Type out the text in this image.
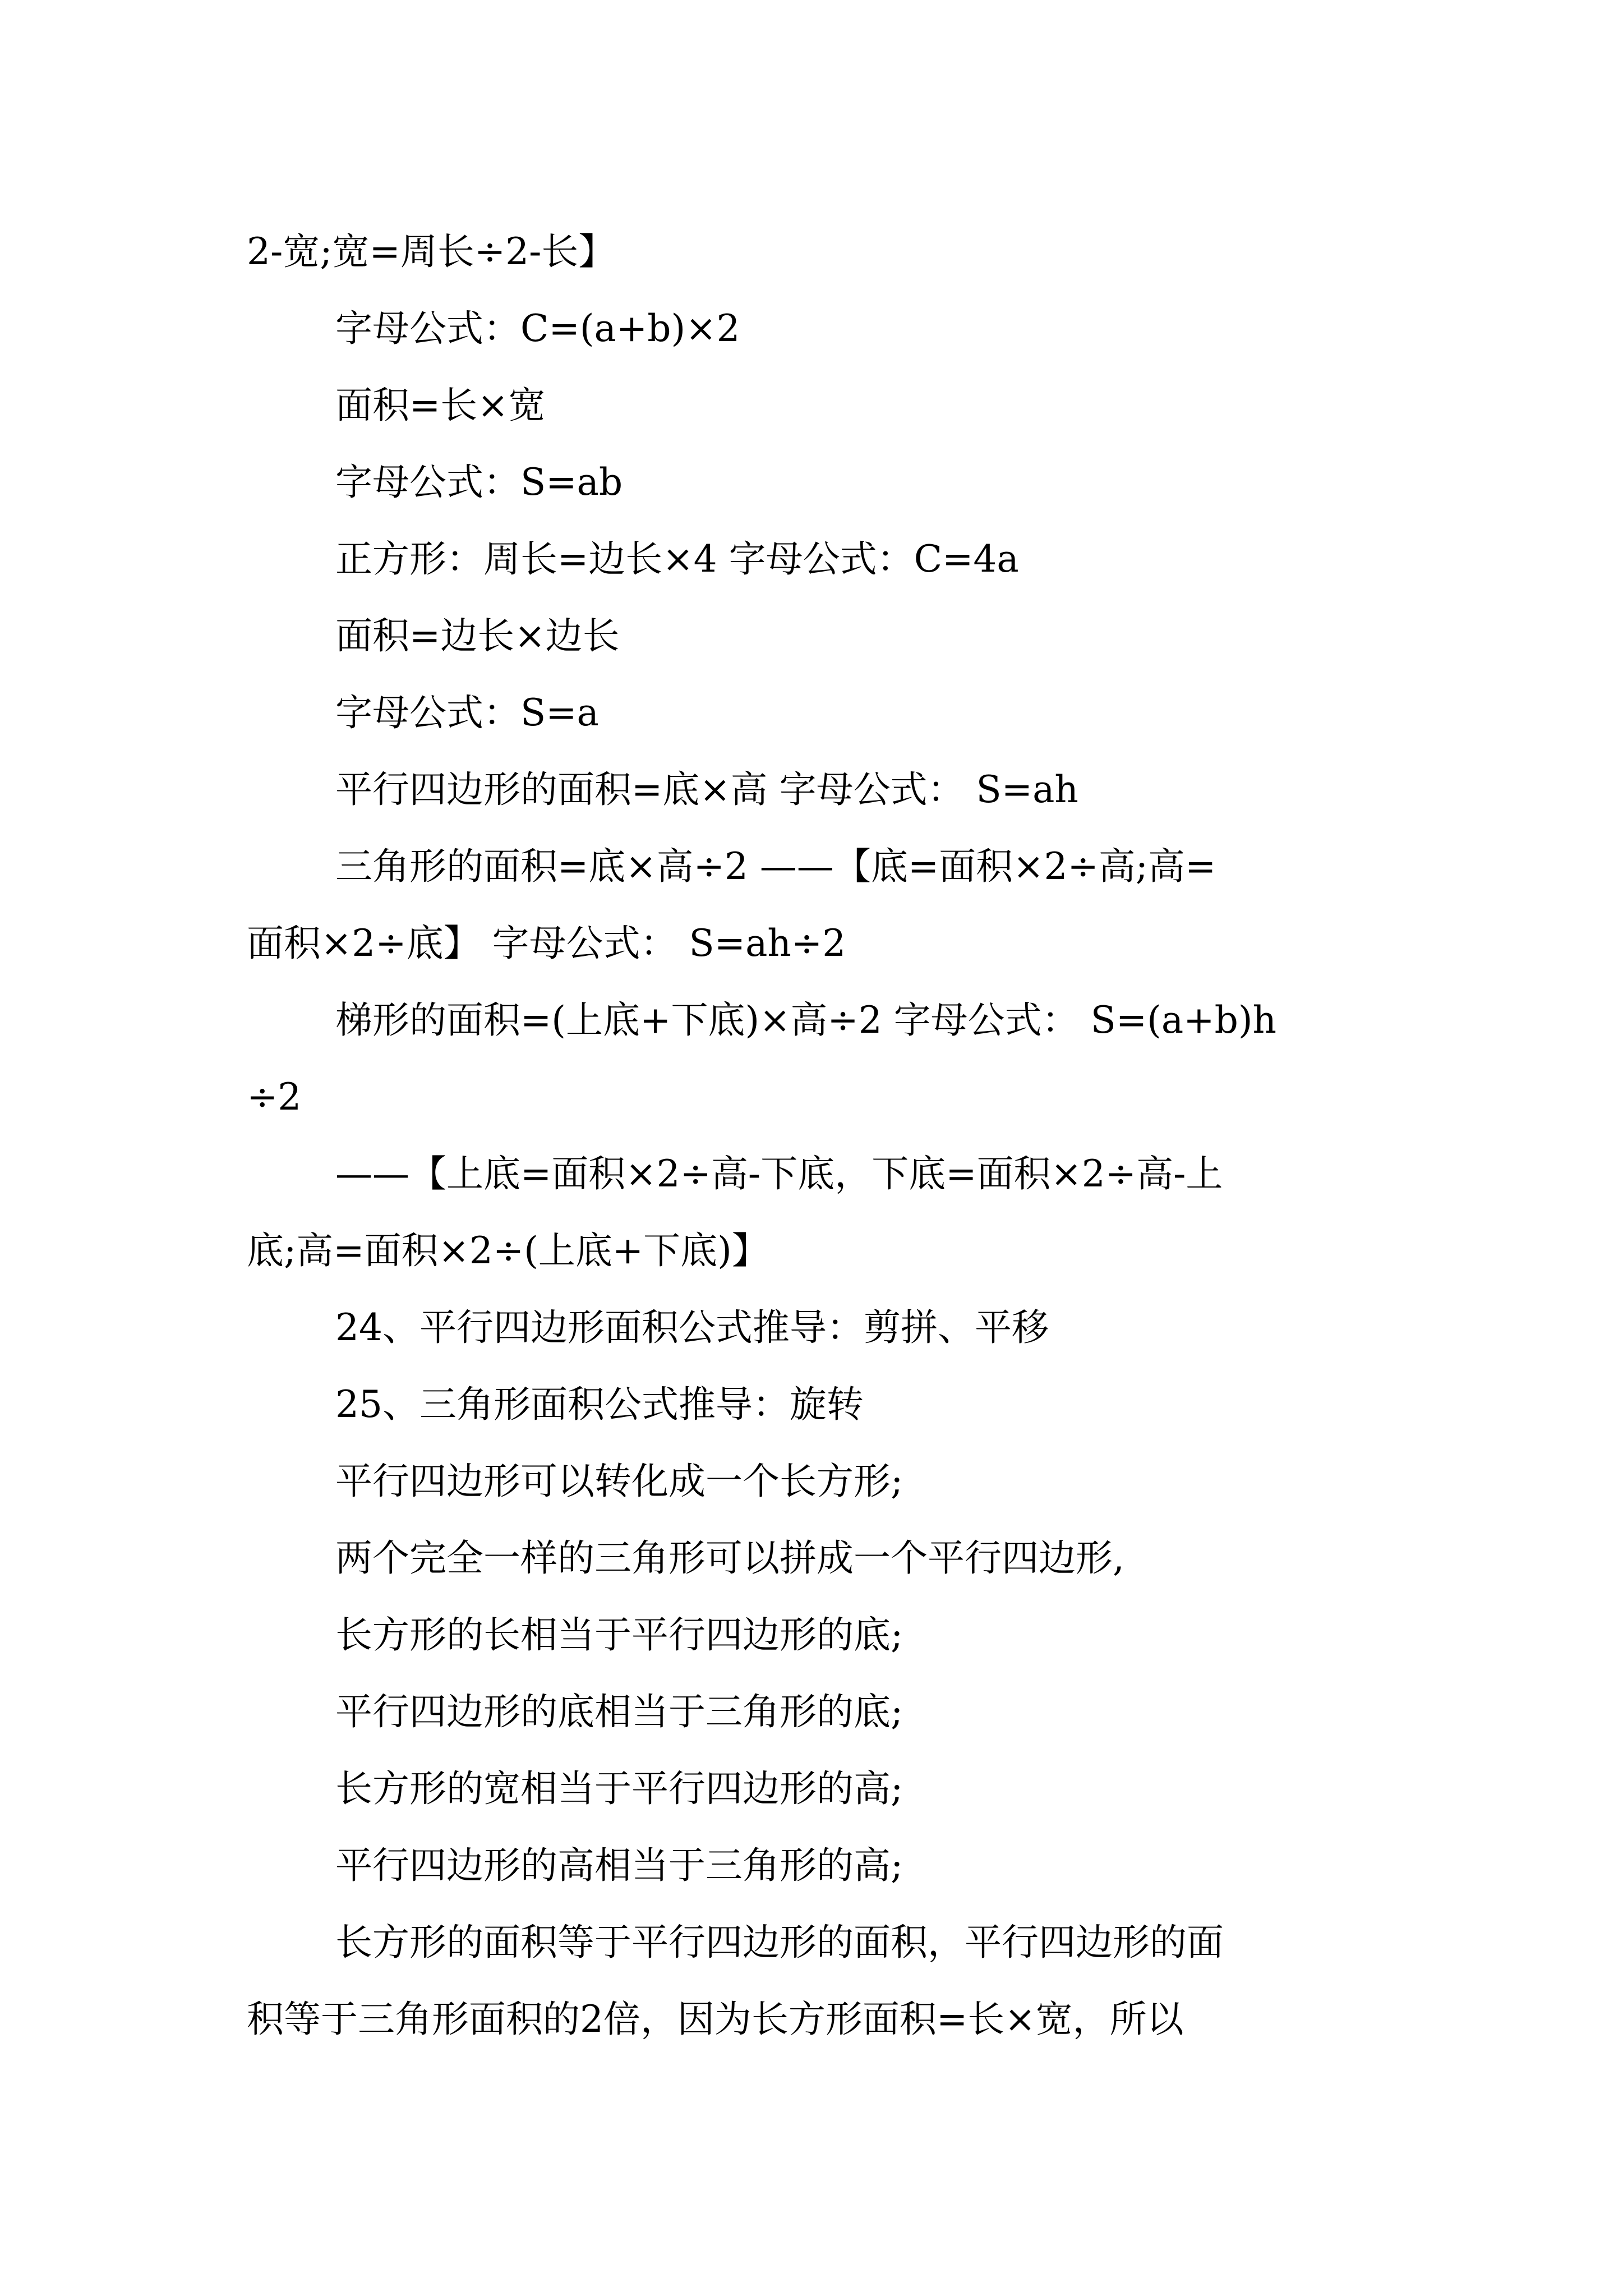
2-宽;宽=周长÷2-长】

字母公式：C=(a+b)×2

面积=长×宽

字母公式：S=ab

正方形：周长=边长×4 字母公式：C=4a

面积=边长×边长

字母公式：S=a

平行四边形的面积=底×高 字母公式： S=ah

三角形的面积=底×高÷2 ——【底=面积×2÷高;高=

面积×2÷底】 字母公式： S=ah÷2

梯形的面积=(上底+下底)×高÷2 字母公式： S=(a+b)h

÷2

——【上底=面积×2÷高-下底，下底=面积×2÷高-上

底;高=面积×2÷(上底+下底)】

24、平行四边形面积公式推导：剪拼、平移

25、三角形面积公式推导：旋转

平行四边形可以转化成一个长方形;

两个完全一样的三角形可以拼成一个平行四边形,

长方形的长相当于平行四边形的底;

平行四边形的底相当于三角形的底;

长方形的宽相当于平行四边形的高;

平行四边形的高相当于三角形的高;

长方形的面积等于平行四边形的面积，平行四边形的面

积等于三角形面积的2倍，因为长方形面积=长×宽，所以
